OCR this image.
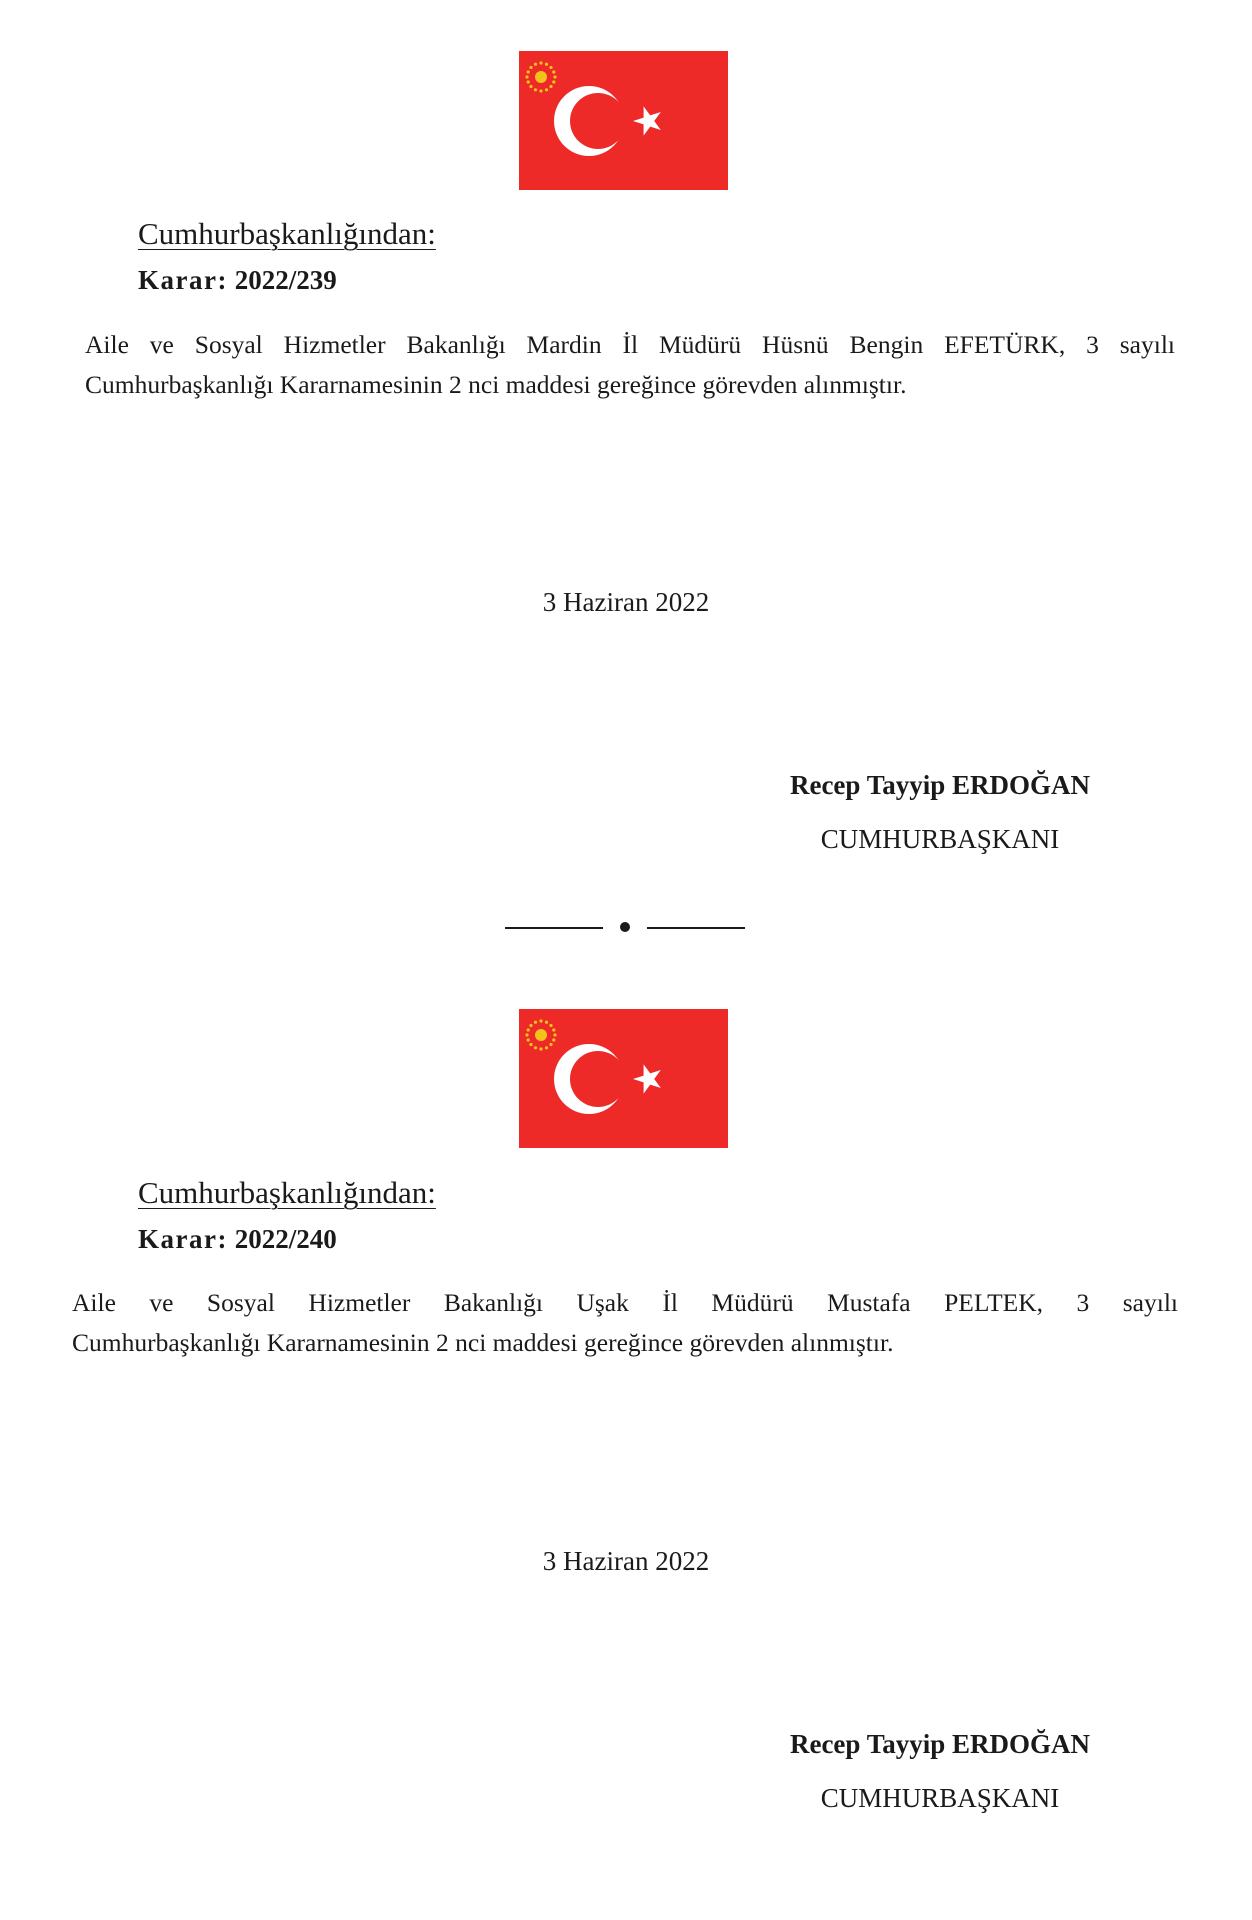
Cumhurbaşkanlığından:
Karar: 2022/239
Aile ve Sosyal Hizmetler Bakanlığı Mardin İl Müdürü Hüsnü Bengin EFETÜRK, 3 sayılı
Cumhurbaşkanlığı Kararnamesinin 2 nci maddesi gereğince görevden alınmıştır.
3 Haziran 2022
Recep Tayyip ERDOĞAN
CUMHURBAŞKANI
Cumhurbaşkanlığından:
Karar: 2022/240
Aile ve Sosyal Hizmetler Bakanlığı Uşak İl Müdürü Mustafa PELTEK, 3 sayılı
Cumhurbaşkanlığı Kararnamesinin 2 nci maddesi gereğince görevden alınmıştır.
3 Haziran 2022
Recep Tayyip ERDOĞAN
CUMHURBAŞKANI
